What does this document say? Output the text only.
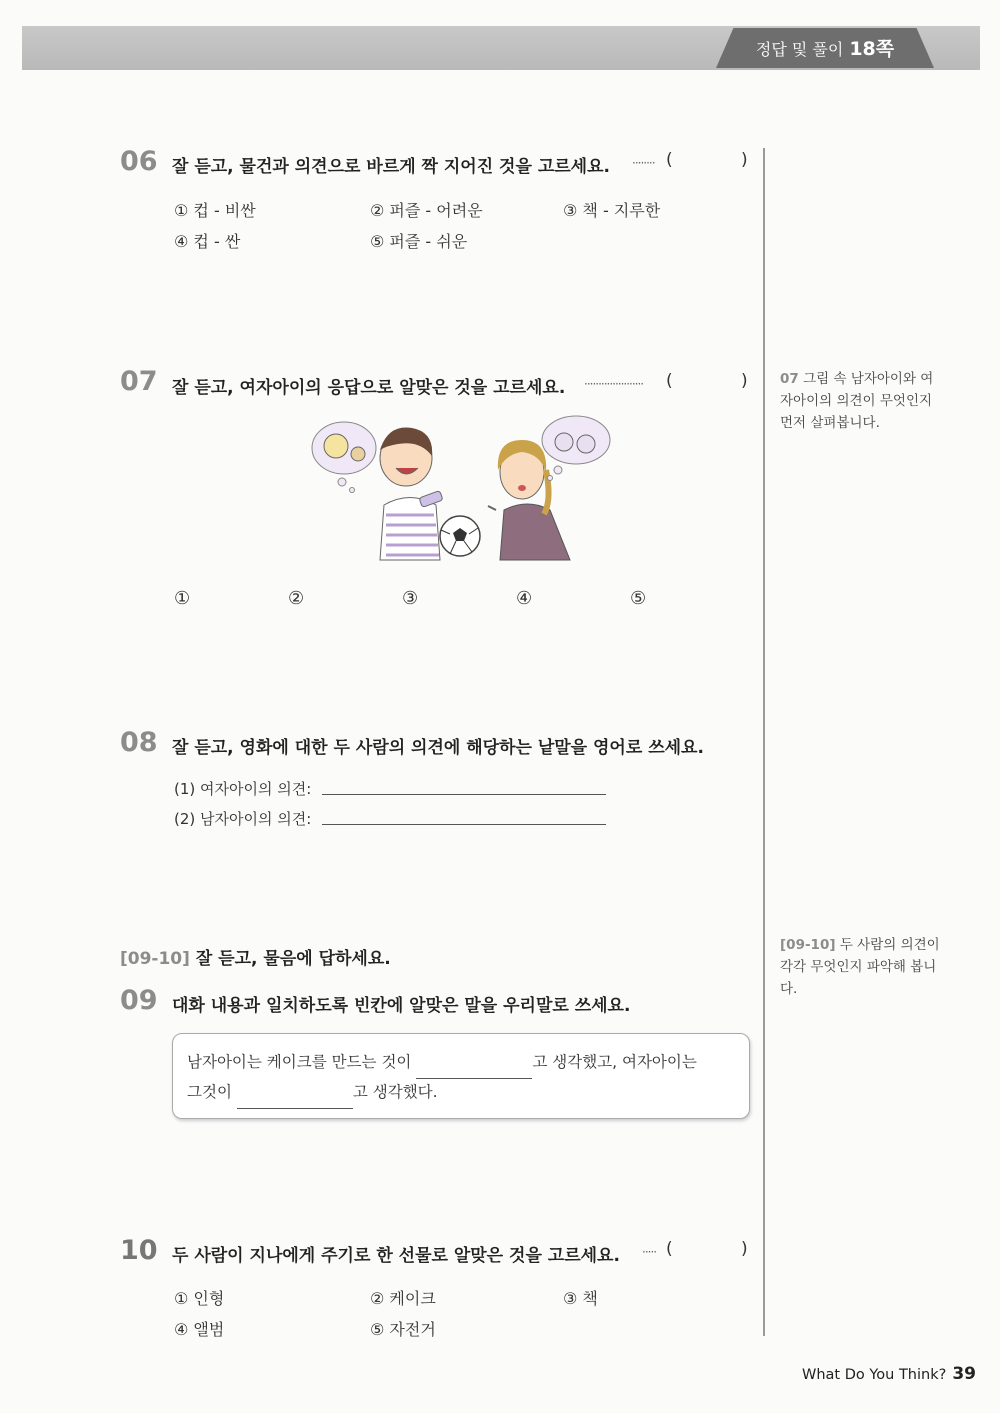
정답 및 풀이 18쪽
06 잘 듣고, 물건과 의견으로 바르게 짝 지어진 것을 고르세요. ········ (	)
① 컵 - 비싼	② 퍼즐 - 어려운	③ 책 - 지루한
④ 컵 - 싼	⑤ 퍼즐 - 쉬운
07 잘 듣고, 여자아이의 응답으로 알맞은 것을 고르세요. ····················· (	) 07 그림 속 남자아이와 여자아이의 의견이 무엇인지 먼저 살펴봅니다.
①	②	③	④	⑤
08 잘 듣고, 영화에 대한 두 사람의 의견에 해당하는 낱말을 영어로 쓰세요.
(1) 여자아이의 의견:
(2) 남자아이의 의견:
[09-10] 잘 듣고, 물음에 답하세요.
[09-10] 두 사람의 의견이 각각 무엇인지 파악해 봅니다.
09 대화 내용과 일치하도록 빈칸에 알맞은 말을 우리말로 쓰세요.
남자아이는 케이크를 만드는 것이	고 생각했고, 여자아이는
그것이	고 생각했다.
10 두 사람이 지나에게 주기로 한 선물로 알맞은 것을 고르세요. ····· (	)
① 인형	② 케이크	③ 책
④ 앨범	⑤ 자전거
What Do You Think? 39
